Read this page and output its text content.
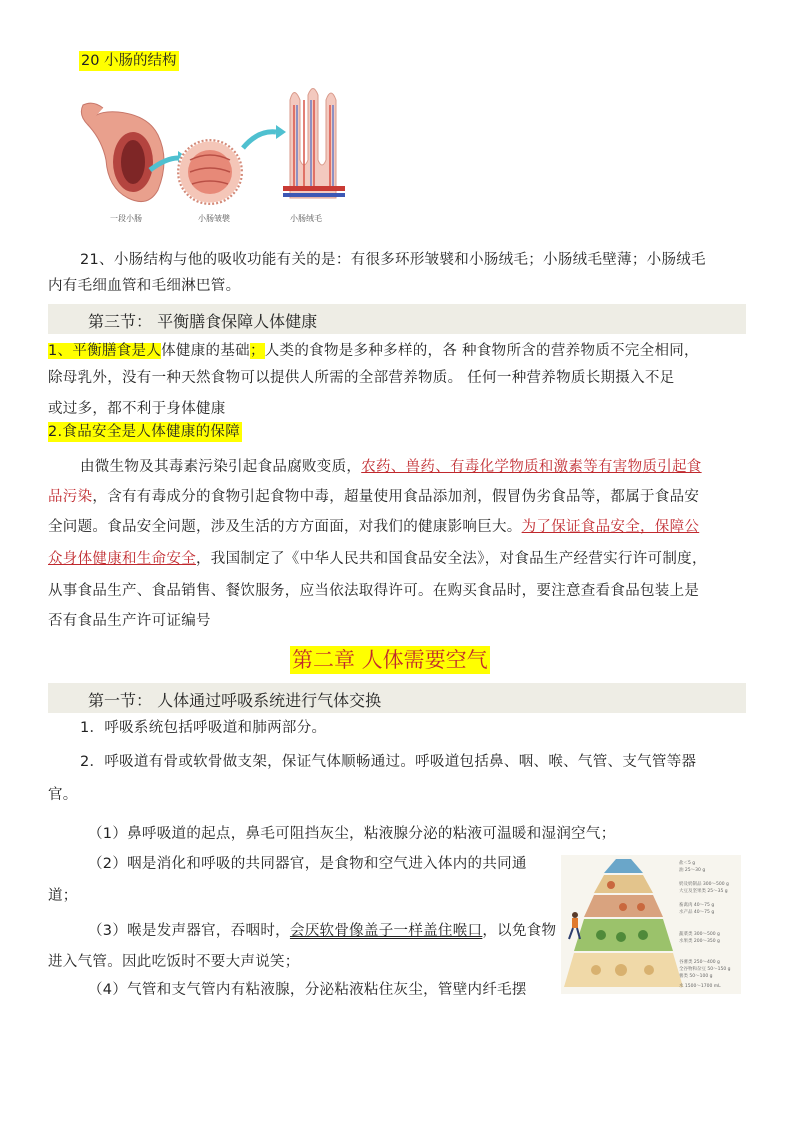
20 小肠的结构
一段小肠	小肠皱襞	小肠绒毛
21、小肠结构与他的吸收功能有关的是：有很多环形皱襞和小肠绒毛；小肠绒毛壁薄；小肠绒毛
内有毛细血管和毛细淋巴管。
第三节： 平衡膳食保障人体健康
1、平衡膳食是人体健康的基础；人类的食物是多种多样的，各 种食物所含的营养物质不完全相同，
除母乳外，没有一种天然食物可以提供人所需的全部营养物质。 任何一种营养物质长期摄入不足
或过多，都不利于身体健康
2.食品安全是人体健康的保障
由微生物及其毒素污染引起食品腐败变质，农药、兽药、有毒化学物质和激素等有害物质引起食
品污染，含有有毒成分的食物引起食物中毒，超量使用食品添加剂，假冒伪劣食品等，都属于食品安
全问题。食品安全问题，涉及生活的方方面面，对我们的健康影响巨大。为了保证食品安全，保障公
众身体健康和生命安全，我国制定了《中华人民共和国食品安全法》，对食品生产经营实行许可制度，
从事食品生产、食品销售、餐饮服务，应当依法取得许可。在购买食品时，要注意查看食品包装上是
否有食品生产许可证编号
第二章 人体需要空气
第一节： 人体通过呼吸系统进行气体交换
1．呼吸系统包括呼吸道和肺两部分。
2．呼吸道有骨或软骨做支架，保证气体顺畅通过。呼吸道包括鼻、咽、喉、气管、支气管等器
官。
（1）鼻呼吸道的起点，鼻毛可阻挡灰尘，粘液腺分泌的粘液可温暖和湿润空气；
（2）咽是消化和呼吸的共同器官，是食物和空气进入体内的共同通
道；
（3）喉是发声器官，吞咽时，会厌软骨像盖子一样盖住喉口，以免食物
进入气管。因此吃饭时不要大声说笑；
（4）气管和支气管内有粘液腺，分泌粘液粘住灰尘，管壁内纤毛摆
盐＜5 g
油 25～30 g
奶及奶制品 300～500 g
大豆及坚果类 25～35 g
畜禽肉 40～75 g
水产品 40～75 g
蔬菜类 300～500 g
水果类 200～350 g
谷薯类 250～400 g
全谷物和杂豆 50～150 g
薯类 50～100 g
水 1500～1700 mL
